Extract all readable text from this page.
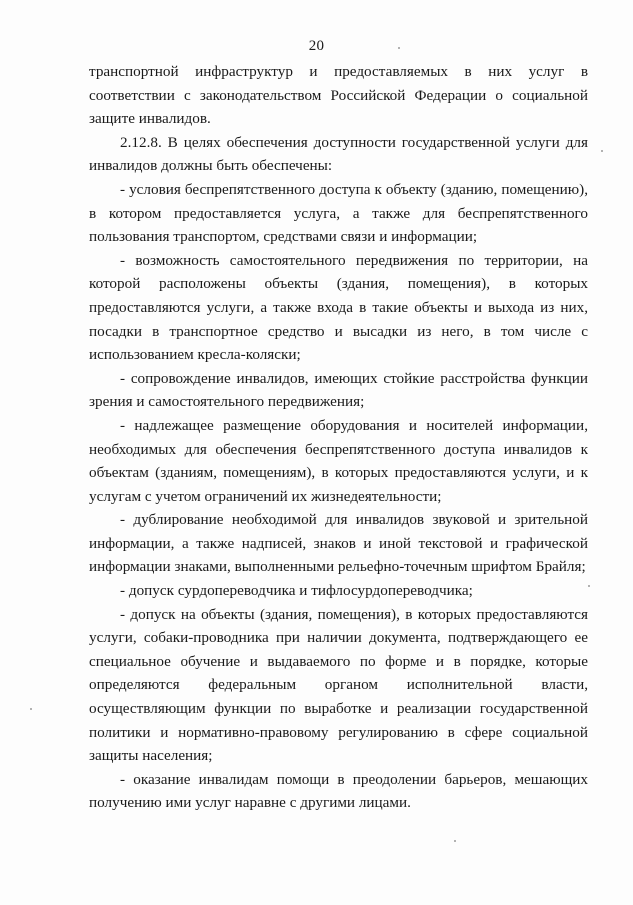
20

транспортной инфраструктур и предоставляемых в них услуг в соответствии с законодательством Российской Федерации о социальной защите инвалидов.

2.12.8. В целях обеспечения доступности государственной услуги для инвалидов должны быть обеспечены:

- условия беспрепятственного доступа к объекту (зданию, помещению), в котором предоставляется услуга, а также для беспрепятственного пользования транспортом, средствами связи и информации;

- возможность самостоятельного передвижения по территории, на которой расположены объекты (здания, помещения), в которых предоставляются услуги, а также входа в такие объекты и выхода из них, посадки в транспортное средство и высадки из него, в том числе с использованием кресла-коляски;

- сопровождение инвалидов, имеющих стойкие расстройства функции зрения и самостоятельного передвижения;

- надлежащее размещение оборудования и носителей информации, необходимых для обеспечения беспрепятственного доступа инвалидов к объектам (зданиям, помещениям), в которых предоставляются услуги, и к услугам с учетом ограничений их жизнедеятельности;

- дублирование необходимой для инвалидов звуковой и зрительной информации, а также надписей, знаков и иной текстовой и графической информации знаками, выполненными рельефно-точечным шрифтом Брайля;

- допуск сурдопереводчика и тифлосурдопереводчика;

- допуск на объекты (здания, помещения), в которых предоставляются услуги, собаки-проводника при наличии документа, подтверждающего ее специальное обучение и выдаваемого по форме и в порядке, которые определяются федеральным органом исполнительной власти, осуществляющим функции по выработке и реализации государственной политики и нормативно-правовому регулированию в сфере социальной защиты населения;

- оказание инвалидам помощи в преодолении барьеров, мешающих получению ими услуг наравне с другими лицами.
